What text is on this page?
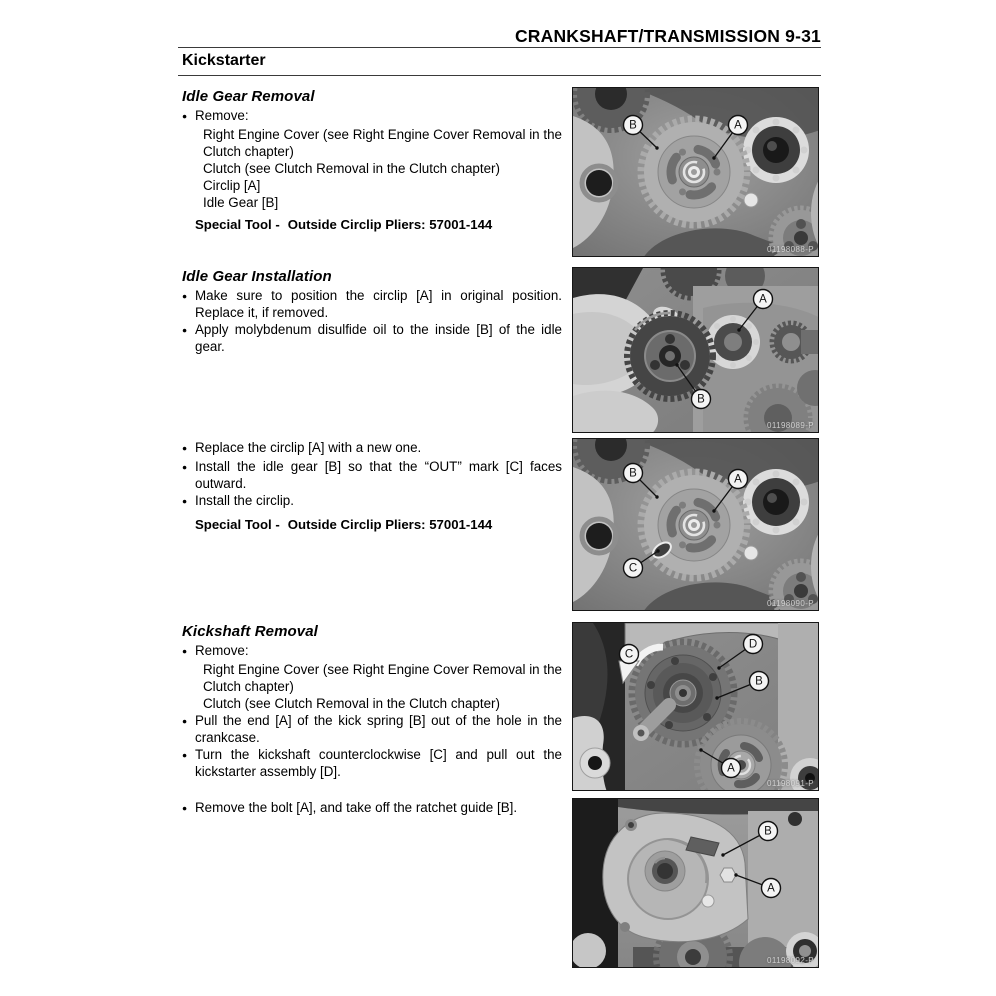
CRANKSHAFT/TRANSMISSION 9-31
Kickstarter
Idle Gear Removal
●
Remove:
Right Engine Cover (see Right Engine Cover Removal in the Clutch chapter)
Clutch (see Clutch Removal in the Clutch chapter)
Circlip [A]
Idle Gear [B]
Special Tool - Outside Circlip Pliers: 57001-144
Idle Gear Installation
●
Make sure to position the circlip [A] in original position. Replace it, if removed.
●
Apply molybdenum disulfide oil to the inside [B] of the idle gear.
●
Replace the circlip [A] with a new one.
●
Install the idle gear [B] so that the “OUT” mark [C] faces outward.
●
Install the circlip.
Special Tool - Outside Circlip Pliers: 57001-144
Kickshaft Removal
●
Remove:
Right Engine Cover (see Right Engine Cover Removal in the Clutch chapter)
Clutch (see Clutch Removal in the Clutch chapter)
●
Pull the end [A] of the kick spring [B] out of the hole in the crankcase.
●
Turn the kickshaft counterclockwise [C] and pull out the kickstarter assembly [D].
●
Remove the bolt [A], and take off the ratchet guide [B].
B	A
01198088-P
A
B
01198089-P
B	A
C
01198090-P
C
D
B
A
01198091-P
B
A
01198092-P
